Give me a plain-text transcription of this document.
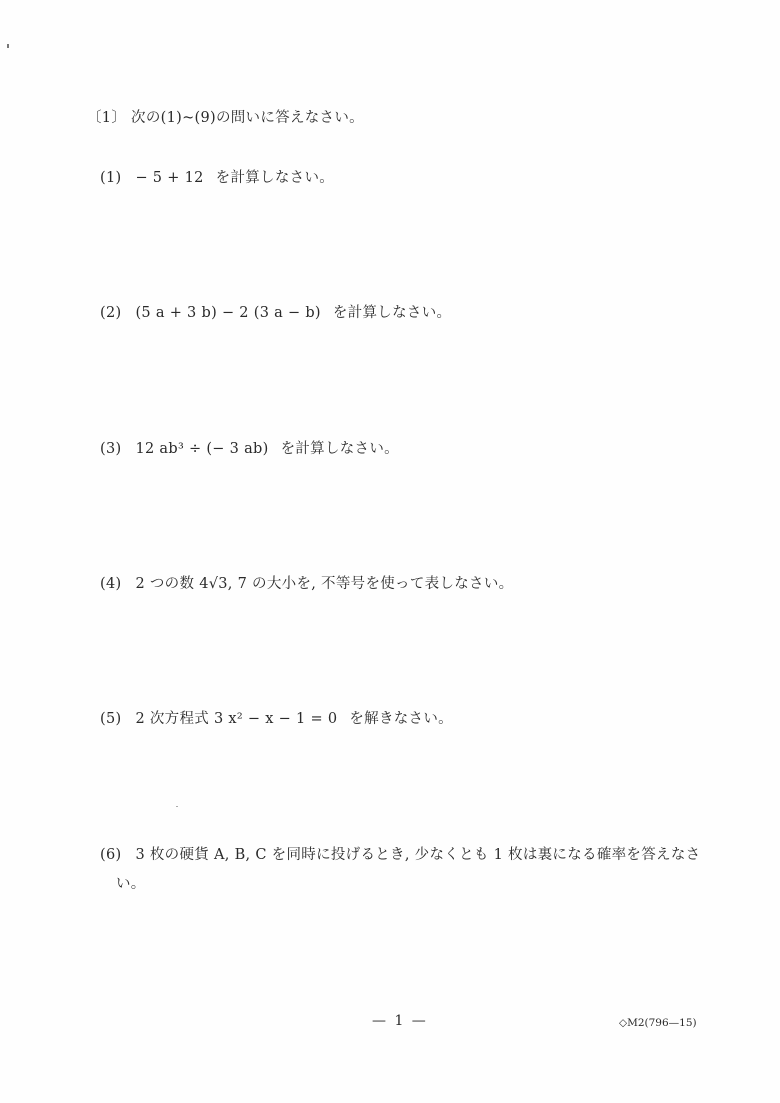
〔1〕 次の(1)~(9)の問いに答えなさい。
(1) − 5 + 12 を計算しなさい。
(2) (5 a + 3 b) − 2 (3 a − b) を計算しなさい。
(3) 12 ab³ ÷ (− 3 ab) を計算しなさい。
(4) 2 つの数 4√3, 7 の大小を, 不等号を使って表しなさい。
(5) 2 次方程式 3 x² − x − 1 = 0 を解きなさい。
(6) 3 枚の硬貨 A, B, C を同時に投げるとき, 少なくとも 1 枚は裏になる確率を答えなさ
い。
— 1 —	◇M2(796—15)
